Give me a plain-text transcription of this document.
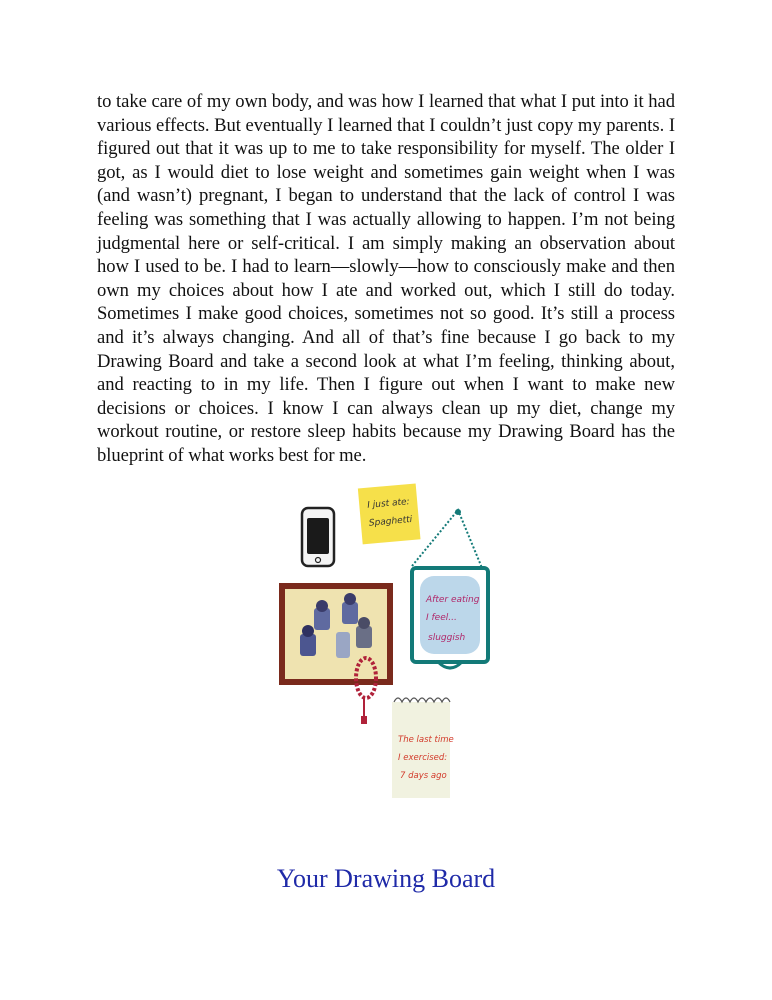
to take care of my own body, and was how I learned that what I put into it had various effects. But eventually I learned that I couldn’t just copy my parents. I figured out that it was up to me to take responsibility for myself. The older I got, as I would diet to lose weight and sometimes gain weight when I was (and wasn’t) pregnant, I began to understand that the lack of control I was feeling was something that I was actually allowing to happen. I’m not being judgmental here or self-critical. I am simply making an observation about how I used to be. I had to learn—slowly—how to consciously make and then own my choices about how I ate and worked out, which I still do today. Sometimes I make good choices, sometimes not so good. It’s still a process and it’s always changing. And all of that’s fine because I go back to my Drawing Board and take a second look at what I’m feeling, thinking about, and reacting to in my life. Then I figure out when I want to make new decisions or choices. I know I can always clean up my diet, change my workout routine, or restore sleep habits because my Drawing Board has the blueprint of what works best for me.

I just ate:
Spaghetti
After eating
I feel...
sluggish
The last time
I exercised:
7 days ago
Your Drawing Board
